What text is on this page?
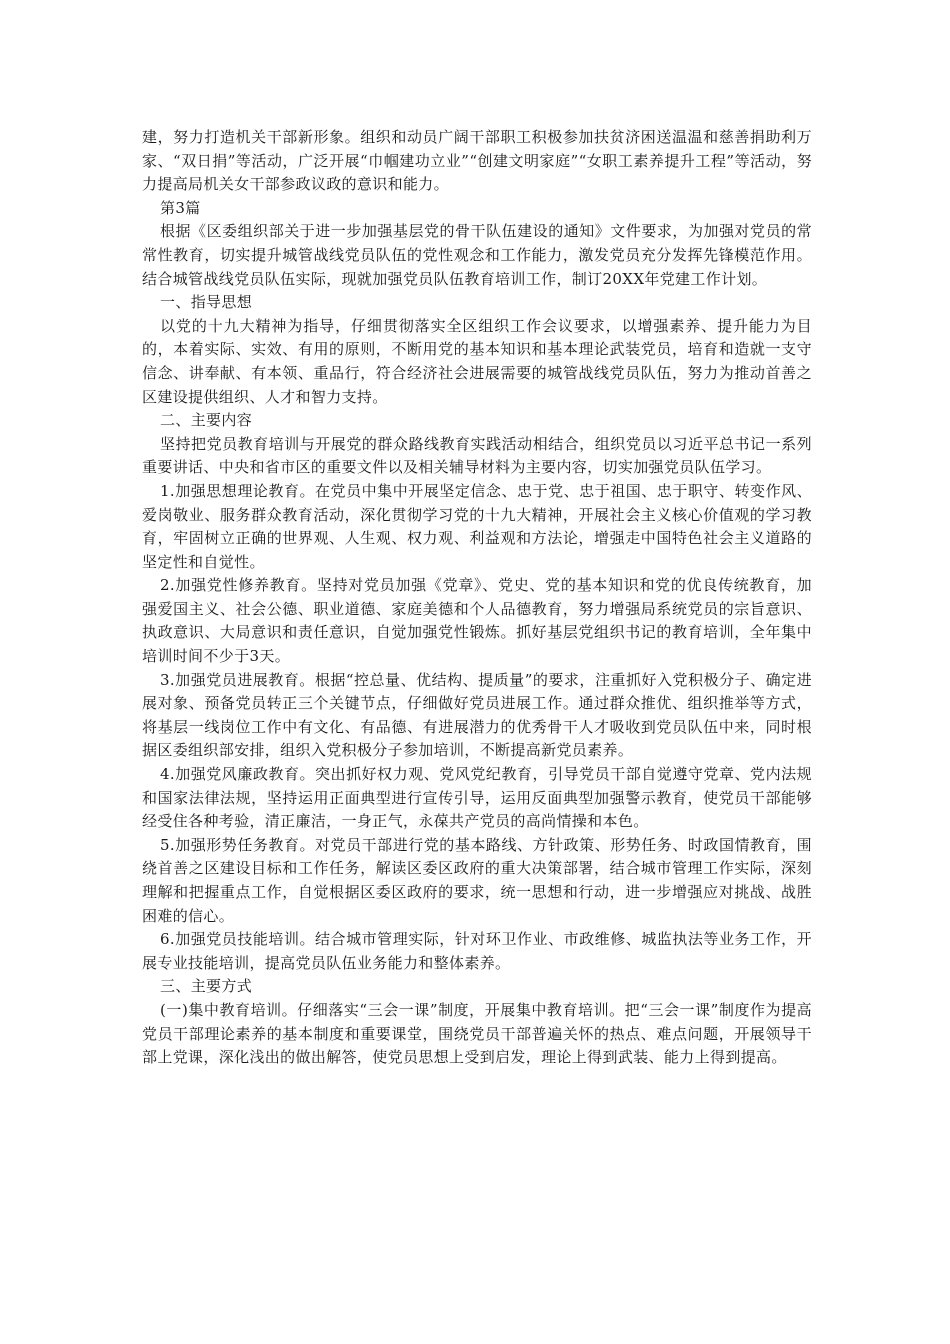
建，努力打造机关干部新形象。组织和动员广阔干部职工积极参加扶贫济困送温温和慈善捐助利万家、“双日捐”等活动，广泛开展“巾帼建功立业”“创建文明家庭”“女职工素养提升工程”等活动，努力提高局机关女干部参政议政的意识和能力。

第3篇

根据《区委组织部关于进一步加强基层党的骨干队伍建设的通知》文件要求，为加强对党员的常常性教育，切实提升城管战线党员队伍的党性观念和工作能力，激发党员充分发挥先锋模范作用。结合城管战线党员队伍实际，现就加强党员队伍教育培训工作，制订20XX年党建工作计划。

一、指导思想

以党的十九大精神为指导，仔细贯彻落实全区组织工作会议要求，以增强素养、提升能力为目的，本着实际、实效、有用的原则，不断用党的基本知识和基本理论武装党员，培育和造就一支守信念、讲奉献、有本领、重品行，符合经济社会进展需要的城管战线党员队伍，努力为推动首善之区建设提供组织、人才和智力支持。

二、主要内容

坚持把党员教育培训与开展党的群众路线教育实践活动相结合，组织党员以习近平总书记一系列重要讲话、中央和省市区的重要文件以及相关辅导材料为主要内容，切实加强党员队伍学习。

1.加强思想理论教育。在党员中集中开展坚定信念、忠于党、忠于祖国、忠于职守、转变作风、爱岗敬业、服务群众教育活动，深化贯彻学习党的十九大精神，开展社会主义核心价值观的学习教育，牢固树立正确的世界观、人生观、权力观、利益观和方法论，增强走中国特色社会主义道路的坚定性和自觉性。

2.加强党性修养教育。坚持对党员加强《党章》、党史、党的基本知识和党的优良传统教育，加强爱国主义、社会公德、职业道德、家庭美德和个人品德教育，努力增强局系统党员的宗旨意识、执政意识、大局意识和责任意识，自觉加强党性锻炼。抓好基层党组织书记的教育培训，全年集中培训时间不少于3天。

3.加强党员进展教育。根据“控总量、优结构、提质量”的要求，注重抓好入党积极分子、确定进展对象、预备党员转正三个关键节点，仔细做好党员进展工作。通过群众推优、组织推举等方式，将基层一线岗位工作中有文化、有品德、有进展潜力的优秀骨干人才吸收到党员队伍中来，同时根据区委组织部安排，组织入党积极分子参加培训，不断提高新党员素养。

4.加强党风廉政教育。突出抓好权力观、党风党纪教育，引导党员干部自觉遵守党章、党内法规和国家法律法规，坚持运用正面典型进行宣传引导，运用反面典型加强警示教育，使党员干部能够经受住各种考验，清正廉洁，一身正气，永葆共产党员的高尚情操和本色。

5.加强形势任务教育。对党员干部进行党的基本路线、方针政策、形势任务、时政国情教育，围绕首善之区建设目标和工作任务，解读区委区政府的重大决策部署，结合城市管理工作实际，深刻理解和把握重点工作，自觉根据区委区政府的要求，统一思想和行动，进一步增强应对挑战、战胜困难的信心。

6.加强党员技能培训。结合城市管理实际，针对环卫作业、市政维修、城监执法等业务工作，开展专业技能培训，提高党员队伍业务能力和整体素养。

三、主要方式

(一)集中教育培训。仔细落实“三会一课”制度，开展集中教育培训。把“三会一课”制度作为提高党员干部理论素养的基本制度和重要课堂，围绕党员干部普遍关怀的热点、难点问题，开展领导干部上党课，深化浅出的做出解答，使党员思想上受到启发，理论上得到武装、能力上得到提高。
